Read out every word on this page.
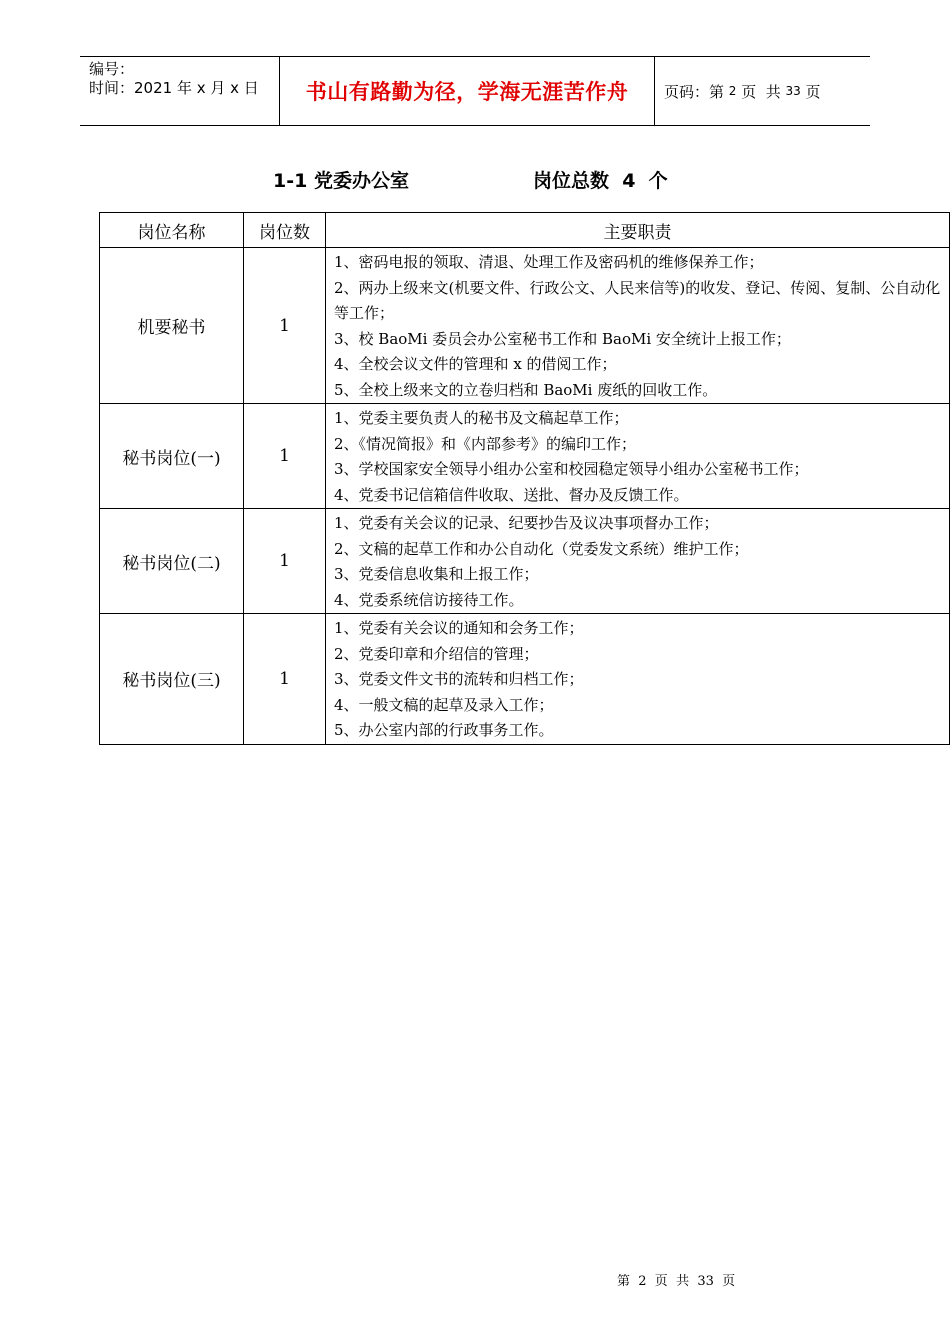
编号：
时间：2021 年 x 月 x 日	书山有路勤为径，学海无涯苦作舟	页码：第 2 页  共 33 页
1-1 党委办公室	岗位总数  4  个
岗位名称	岗位数	主要职责
机要秘书	1	1、密码电报的领取、清退、处理工作及密码机的维修保养工作；
2、两办上级来文(机要文件、行政公文、人民来信等)的收发、登记、传阅、复制、公自动化等工作；
3、校 BaoMi 委员会办公室秘书工作和 BaoMi 安全统计上报工作；
4、全校会议文件的管理和 x 的借阅工作；
5、全校上级来文的立卷归档和 BaoMi 废纸的回收工作。

秘书岗位(一)	1	1、党委主要负责人的秘书及文稿起草工作；
2、《情况简报》和《内部参考》的编印工作；
3、学校国家安全领导小组办公室和校园稳定领导小组办公室秘书工作；
4、党委书记信箱信件收取、送批、督办及反馈工作。

秘书岗位(二)	1	1、党委有关会议的记录、纪要抄告及议决事项督办工作；
2、文稿的起草工作和办公自动化（党委发文系统）维护工作；
3、党委信息收集和上报工作；
4、党委系统信访接待工作。

秘书岗位(三)	1	1、党委有关会议的通知和会务工作；
2、党委印章和介绍信的管理；
3、党委文件文书的流转和归档工作；
4、一般文稿的起草及录入工作；
5、办公室内部的行政事务工作。
第  2  页  共  33  页
